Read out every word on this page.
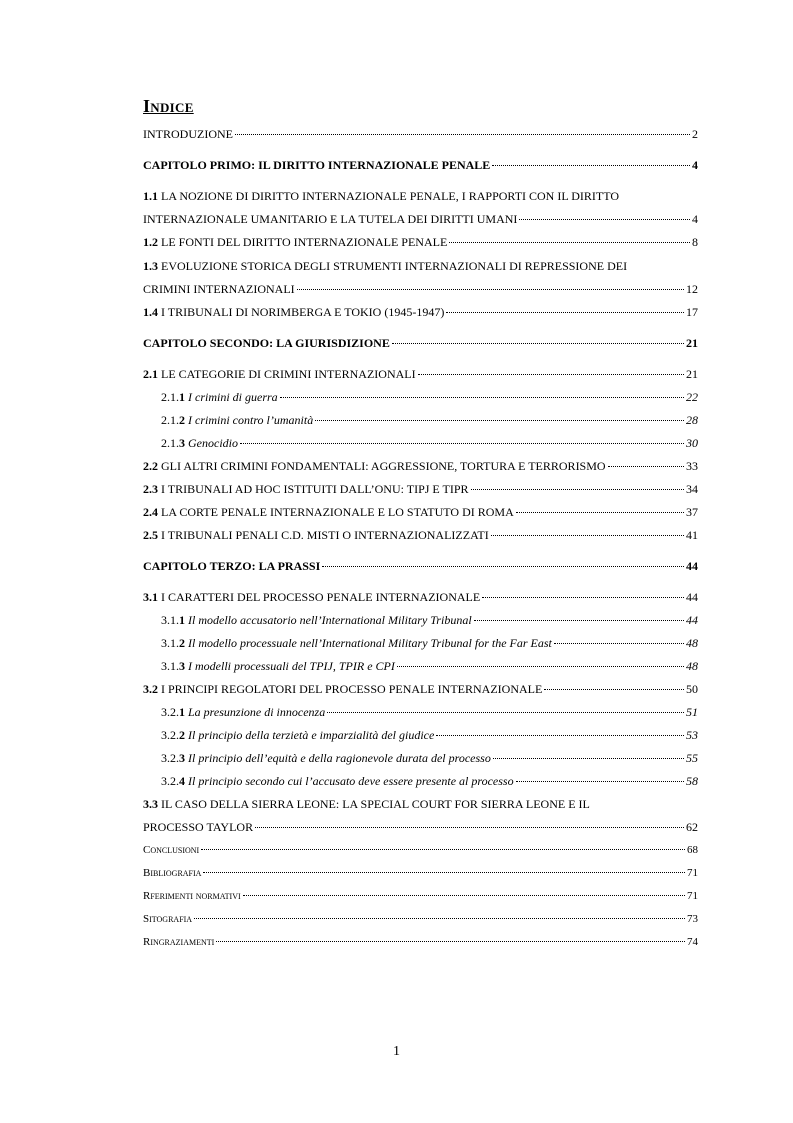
Indice
INTRODUZIONE	2
CAPITOLO PRIMO: IL DIRITTO INTERNAZIONALE PENALE	4
1.1 LA NOZIONE DI DIRITTO INTERNAZIONALE PENALE, I RAPPORTI CON IL DIRITTO
INTERNAZIONALE UMANITARIO E LA TUTELA DEI DIRITTI UMANI	4
1.2 LE FONTI DEL DIRITTO INTERNAZIONALE PENALE	8
1.3 EVOLUZIONE STORICA DEGLI STRUMENTI INTERNAZIONALI DI REPRESSIONE DEI
CRIMINI INTERNAZIONALI	12
1.4 I TRIBUNALI DI NORIMBERGA E TOKIO (1945-1947)	17
CAPITOLO SECONDO: LA GIURISDIZIONE	21
2.1 LE CATEGORIE DI CRIMINI INTERNAZIONALI	21
2.1.1 I crimini di guerra	22
2.1.2 I crimini contro l’umanità	28
2.1.3 Genocidio	30
2.2 GLI ALTRI CRIMINI FONDAMENTALI: AGGRESSIONE, TORTURA E TERRORISMO	33
2.3 I TRIBUNALI AD HOC ISTITUITI DALL’ONU: TIPJ E TIPR	34
2.4 LA CORTE PENALE INTERNAZIONALE E LO STATUTO DI ROMA	37
2.5 I TRIBUNALI PENALI C.D. MISTI O INTERNAZIONALIZZATI	41
CAPITOLO TERZO: LA PRASSI	44
3.1 I CARATTERI DEL PROCESSO PENALE INTERNAZIONALE	44
3.1.1 Il modello accusatorio nell’International Military Tribunal	44
3.1.2 Il modello processuale nell’International Military Tribunal for the Far East	48
3.1.3 I modelli processuali del TPIJ, TPIR e CPI	48
3.2 I PRINCIPI REGOLATORI DEL PROCESSO PENALE INTERNAZIONALE	50
3.2.1 La presunzione di innocenza	51
3.2.2 Il principio della terzietà e imparzialità del giudice	53
3.2.3 Il principio dell’equità e della ragionevole durata del processo	55
3.2.4 Il principio secondo cui l’accusato deve essere presente al processo	58
3.3 IL CASO DELLA SIERRA LEONE: LA SPECIAL COURT FOR SIERRA LEONE E IL
PROCESSO TAYLOR	62
Conclusioni	68
Bibliografia	71
Rferimenti normativi	71
Sitografia	73
Ringraziamenti	74
1
